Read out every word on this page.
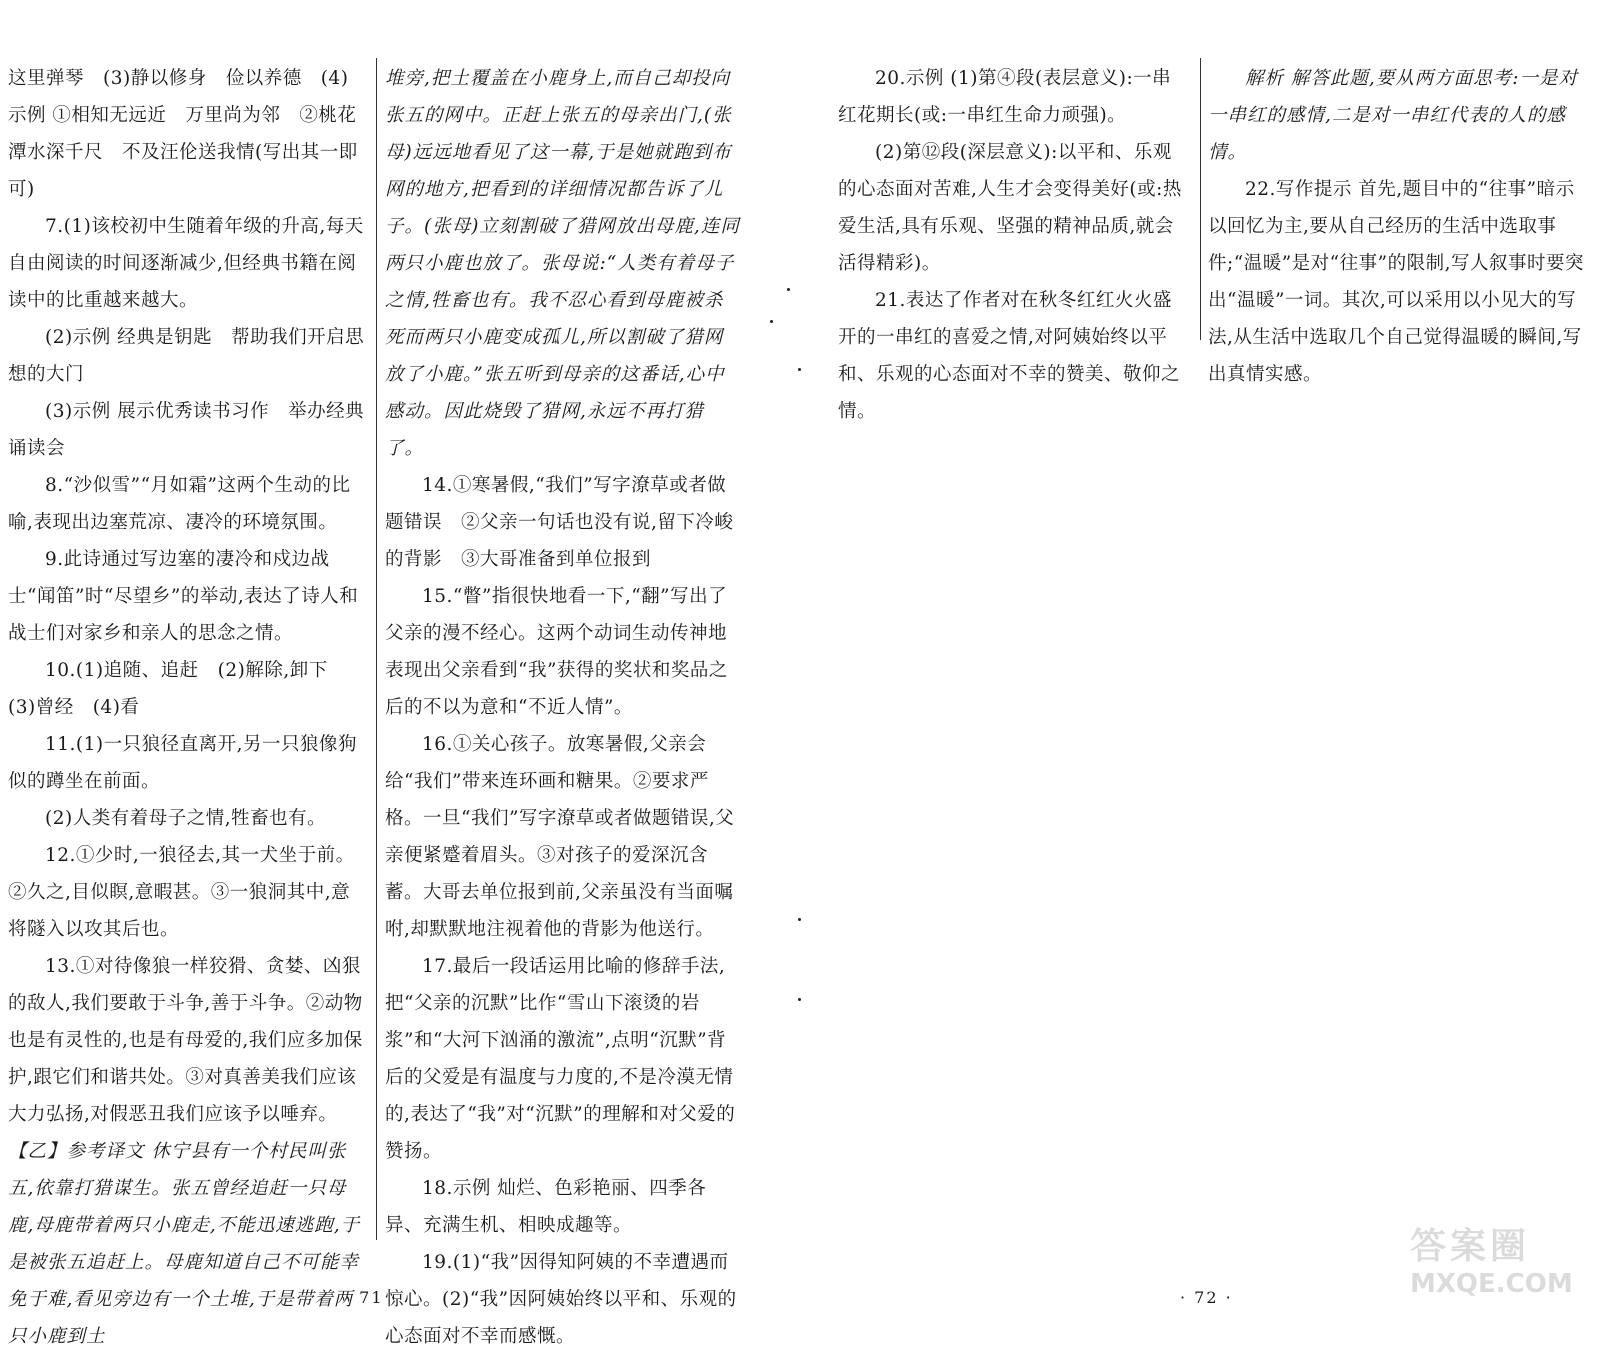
这里弹琴　(3)静以修身　俭以养德　(4)示例 ①相知无远近　万里尚为邻　②桃花潭水深千尺　不及汪伦送我情(写出其一即可)

7.(1)该校初中生随着年级的升高,每天自由阅读的时间逐渐减少,但经典书籍在阅读中的比重越来越大。

(2)示例 经典是钥匙　帮助我们开启思想的大门

(3)示例 展示优秀读书习作　举办经典诵读会

8.“沙似雪”“月如霜”这两个生动的比喻,表现出边塞荒凉、凄冷的环境氛围。

9.此诗通过写边塞的凄冷和戍边战士“闻笛”时“尽望乡”的举动,表达了诗人和战士们对家乡和亲人的思念之情。

10.(1)追随、追赶　(2)解除,卸下　(3)曾经　(4)看

11.(1)一只狼径直离开,另一只狼像狗似的蹲坐在前面。

(2)人类有着母子之情,牲畜也有。

12.①少时,一狼径去,其一犬坐于前。②久之,目似瞑,意暇甚。③一狼洞其中,意将隧入以攻其后也。

13.①对待像狼一样狡猾、贪婪、凶狠的敌人,我们要敢于斗争,善于斗争。②动物也是有灵性的,也是有母爱的,我们应多加保护,跟它们和谐共处。③对真善美我们应该大力弘扬,对假恶丑我们应该予以唾弃。

【乙】参考译文 休宁县有一个村民叫张五,依靠打猎谋生。张五曾经追赶一只母鹿,母鹿带着两只小鹿走,不能迅速逃跑,于是被张五追赶上。母鹿知道自己不可能幸免于难,看见旁边有一个土堆,于是带着两只小鹿到土

堆旁,把土覆盖在小鹿身上,而自己却投向张五的网中。正赶上张五的母亲出门,(张母)远远地看见了这一幕,于是她就跑到布网的地方,把看到的详细情况都告诉了儿子。(张母)立刻割破了猎网放出母鹿,连同两只小鹿也放了。张母说:“人类有着母子之情,牲畜也有。我不忍心看到母鹿被杀死而两只小鹿变成孤儿,所以割破了猎网放了小鹿。”张五听到母亲的这番话,心中感动。因此烧毁了猎网,永远不再打猎了。

14.①寒暑假,“我们”写字潦草或者做题错误　②父亲一句话也没有说,留下冷峻的背影　③大哥准备到单位报到

15.“瞥”指很快地看一下,“翻”写出了父亲的漫不经心。这两个动词生动传神地表现出父亲看到“我”获得的奖状和奖品之后的不以为意和“不近人情”。

16.①关心孩子。放寒暑假,父亲会给“我们”带来连环画和糖果。②要求严格。一旦“我们”写字潦草或者做题错误,父亲便紧蹙着眉头。③对孩子的爱深沉含蓄。大哥去单位报到前,父亲虽没有当面嘱咐,却默默地注视着他的背影为他送行。

17.最后一段话运用比喻的修辞手法,把“父亲的沉默”比作“雪山下滚烫的岩浆”和“大河下汹涌的激流”,点明“沉默”背后的父爱是有温度与力度的,不是冷漠无情的,表达了“我”对“沉默”的理解和对父爱的赞扬。

18.示例 灿烂、色彩艳丽、四季各异、充满生机、相映成趣等。

19.(1)“我”因得知阿姨的不幸遭遇而惊心。(2)“我”因阿姨始终以平和、乐观的心态面对不幸而感慨。

· 71 ·

20.示例 (1)第④段(表层意义):一串红花期长(或:一串红生命力顽强)。

(2)第⑫段(深层意义):以平和、乐观的心态面对苦难,人生才会变得美好(或:热爱生活,具有乐观、坚强的精神品质,就会活得精彩)。

21.表达了作者对在秋冬红红火火盛开的一串红的喜爱之情,对阿姨始终以平和、乐观的心态面对不幸的赞美、敬仰之情。

解析 解答此题,要从两方面思考:一是对一串红的感情,二是对一串红代表的人的感情。

22.写作提示 首先,题目中的“往事”暗示以回忆为主,要从自己经历的生活中选取事件;“温暖”是对“往事”的限制,写人叙事时要突出“温暖”一词。其次,可以采用以小见大的写法,从生活中选取几个自己觉得温暖的瞬间,写出真情实感。

· 72 ·
答案圈
MXQE.COM
